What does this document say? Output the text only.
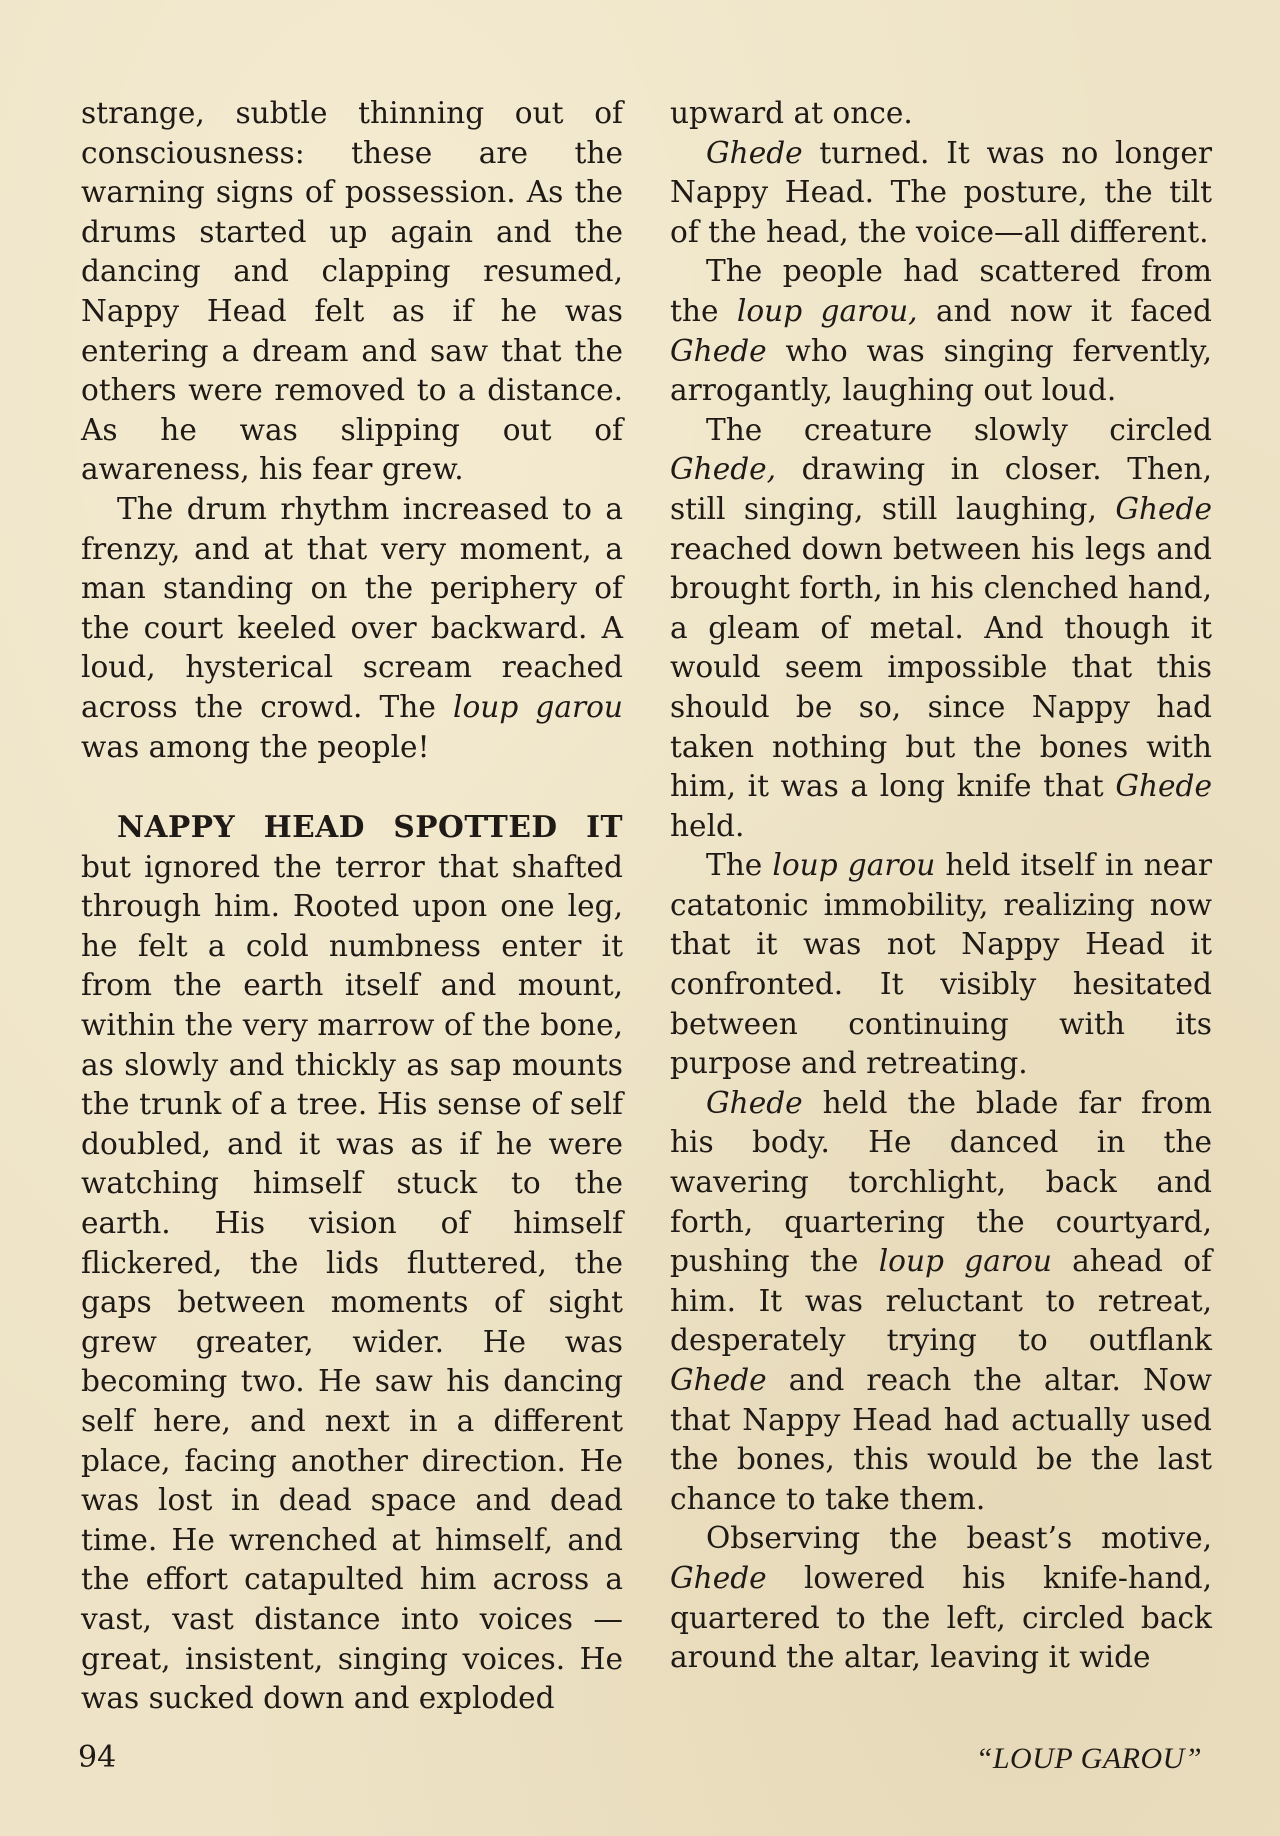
strange, subtle thinning out of consciousness: these are the warning signs of possession. As the drums started up again and the dancing and clapping resumed, Nappy Head felt as if he was entering a dream and saw that the others were removed to a distance. As he was slipping out of awareness, his fear grew.

The drum rhythm increased to a frenzy, and at that very moment, a man standing on the periphery of the court keeled over backward. A loud, hysterical scream reached across the crowd. The loup garou was among the people!

NAPPY HEAD SPOTTED IT but ignored the terror that shafted through him. Rooted upon one leg, he felt a cold numbness enter it from the earth itself and mount, within the very marrow of the bone, as slowly and thickly as sap mounts the trunk of a tree. His sense of self doubled, and it was as if he were watching himself stuck to the earth. His vision of himself flickered, the lids fluttered, the gaps between moments of sight grew greater, wider. He was becoming two. He saw his dancing self here, and next in a different place, facing another direction. He was lost in dead space and dead time. He wrenched at himself, and the effort catapulted him across a vast, vast distance into voices —great, insistent, singing voices. He was sucked down and exploded

upward at once.

Ghede turned. It was no longer Nappy Head. The posture, the tilt of the head, the voice—all different.

The people had scattered from the loup garou, and now it faced Ghede who was singing fervently, arrogantly, laughing out loud.

The creature slowly circled Ghede, drawing in closer. Then, still singing, still laughing, Ghede reached down between his legs and brought forth, in his clenched hand, a gleam of metal. And though it would seem impossible that this should be so, since Nappy had taken nothing but the bones with him, it was a long knife that Ghede held.

The loup garou held itself in near catatonic immobility, realizing now that it was not Nappy Head it confronted. It visibly hesitated between continuing with its purpose and retreating.

Ghede held the blade far from his body. He danced in the wavering torchlight, back and forth, quartering the courtyard, pushing the loup garou ahead of him. It was reluctant to retreat, desperately trying to outflank Ghede and reach the altar. Now that Nappy Head had actually used the bones, this would be the last chance to take them.

Observing the beast’s motive, Ghede lowered his knife-hand, quartered to the left, circled back around the altar, leaving it wide

94	“LOUP GAROU”
